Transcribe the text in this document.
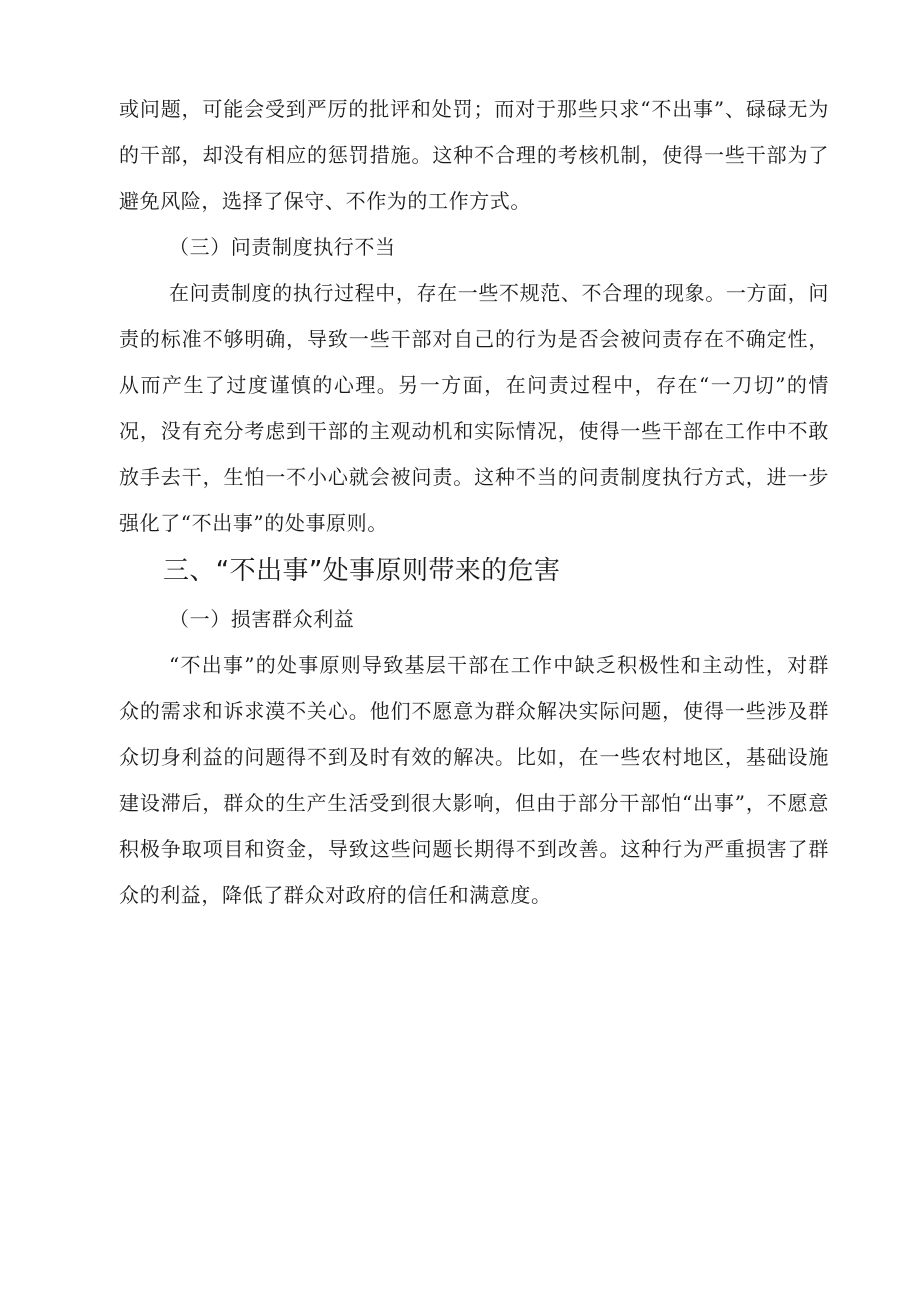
或问题，可能会受到严厉的批评和处罚；而对于那些只求“不出事”、碌碌无为的干部，却没有相应的惩罚措施。这种不合理的考核机制，使得一些干部为了避免风险，选择了保守、不作为的工作方式。

（三）问责制度执行不当

在问责制度的执行过程中，存在一些不规范、不合理的现象。一方面，问责的标准不够明确，导致一些干部对自己的行为是否会被问责存在不确定性，从而产生了过度谨慎的心理。另一方面，在问责过程中，存在“一刀切”的情况，没有充分考虑到干部的主观动机和实际情况，使得一些干部在工作中不敢放手去干，生怕一不小心就会被问责。这种不当的问责制度执行方式，进一步强化了“不出事”的处事原则。

三、“不出事”处事原则带来的危害

（一）损害群众利益

“不出事”的处事原则导致基层干部在工作中缺乏积极性和主动性，对群众的需求和诉求漠不关心。他们不愿意为群众解决实际问题，使得一些涉及群众切身利益的问题得不到及时有效的解决。比如，在一些农村地区，基础设施建设滞后，群众的生产生活受到很大影响，但由于部分干部怕“出事”，不愿意积极争取项目和资金，导致这些问题长期得不到改善。这种行为严重损害了群众的利益，降低了群众对政府的信任和满意度。
